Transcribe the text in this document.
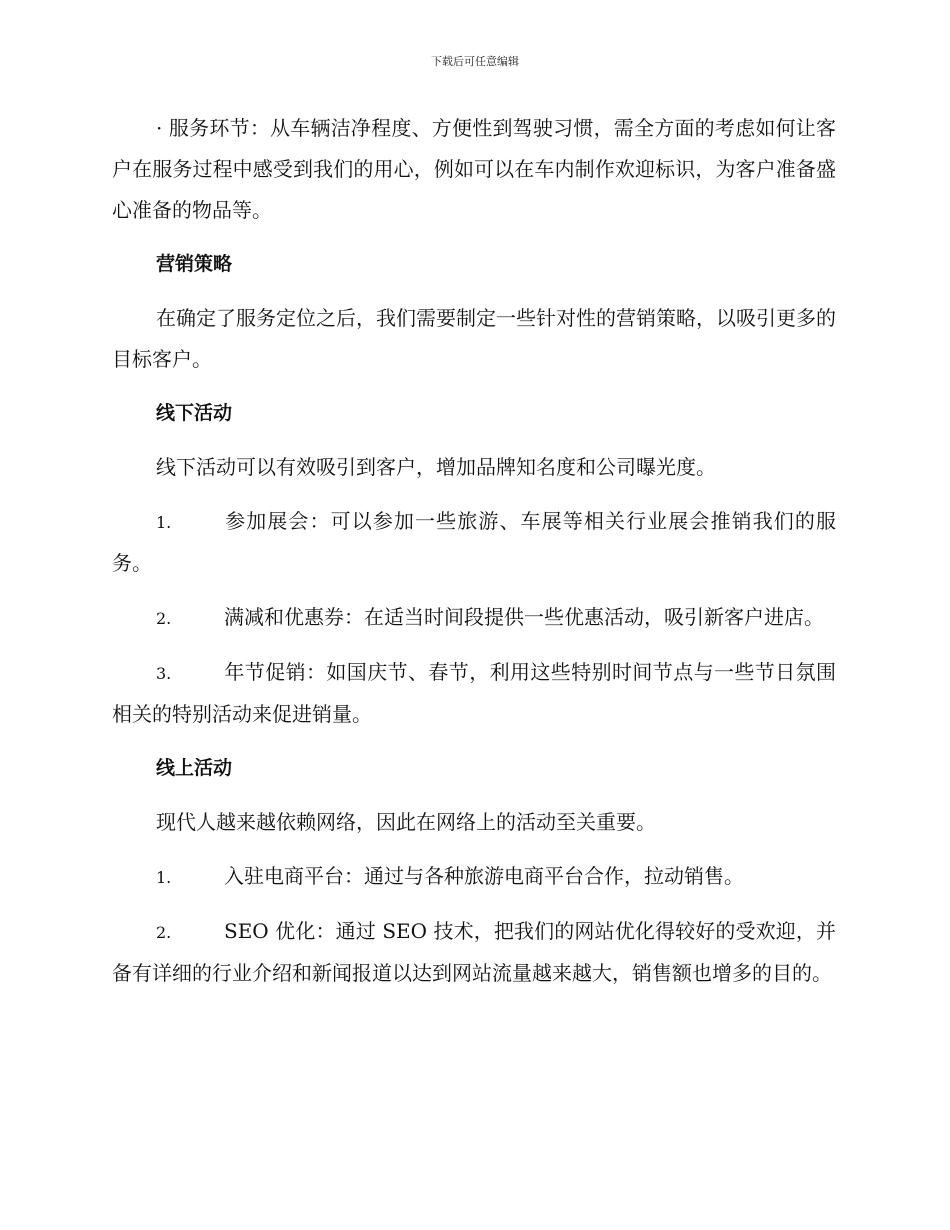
下载后可任意编辑

· 服务环节：从车辆洁净程度、方便性到驾驶习惯，需全方面的考虑如何让客户在服务过程中感受到我们的用心，例如可以在车内制作欢迎标识，为客户准备盛心准备的物品等。

营销策略

在确定了服务定位之后，我们需要制定一些针对性的营销策略，以吸引更多的目标客户。

线下活动

线下活动可以有效吸引到客户，增加品牌知名度和公司曝光度。

1.	参加展会：可以参加一些旅游、车展等相关行业展会推销我们的服务。
2.	满减和优惠券：在适当时间段提供一些优惠活动，吸引新客户进店。
3.	年节促销：如国庆节、春节，利用这些特别时间节点与一些节日氛围相关的特别活动来促进销量。
线上活动

现代人越来越依赖网络，因此在网络上的活动至关重要。

1.	入驻电商平台：通过与各种旅游电商平台合作，拉动销售。
2.	SEO 优化：通过 SEO 技术，把我们的网站优化得较好的受欢迎，并备有详细的行业介绍和新闻报道以达到网站流量越来越大，销售额也增多的目的。
